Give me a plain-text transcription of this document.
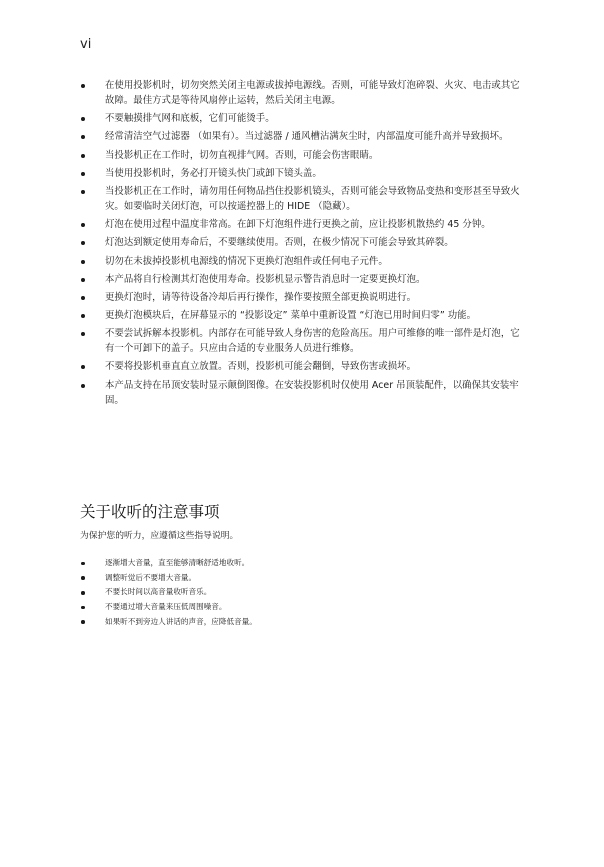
vi
在使用投影机时，切勿突然关闭主电源或拔掉电源线。否则，可能导致灯泡碎裂、火灾、电击或其它故障。最佳方式是等待风扇停止运转，然后关闭主电源。
不要触摸排气网和底板，它们可能烫手。
经常清洁空气过滤器 （如果有）。当过滤器 / 通风槽沾满灰尘时，内部温度可能升高并导致损坏。
当投影机正在工作时，切勿直视排气网。否则，可能会伤害眼睛。
当使用投影机时，务必打开镜头快门或卸下镜头盖。
当投影机正在工作时，请勿用任何物品挡住投影机镜头，否则可能会导致物品变热和变形甚至导致火灾。如要临时关闭灯泡，可以按遥控器上的 HIDE （隐藏）。
灯泡在使用过程中温度非常高。在卸下灯泡组件进行更换之前，应让投影机散热约 45 分钟。
灯泡达到额定使用寿命后，不要继续使用。否则，在极少情况下可能会导致其碎裂。
切勿在未拔掉投影机电源线的情况下更换灯泡组件或任何电子元件。
本产品将自行检测其灯泡使用寿命。投影机显示警告消息时一定要更换灯泡。
更换灯泡时，请等待设备冷却后再行操作，操作要按照全部更换说明进行。
更换灯泡模块后，在屏幕显示的 “投影设定” 菜单中重新设置 “灯泡已用时间归零” 功能。
不要尝试拆解本投影机。内部存在可能导致人身伤害的危险高压。用户可维修的唯一部件是灯泡，它有一个可卸下的盖子。只应由合适的专业服务人员进行维修。
不要将投影机垂直直立放置。否则，投影机可能会翻倒，导致伤害或损坏。
本产品支持在吊顶安装时显示颠倒图像。在安装投影机时仅使用 Acer 吊顶装配件，以确保其安装牢固。
关于收听的注意事项

为保护您的听力，应遵循这些指导说明。

逐渐增大音量，直至能够清晰舒适地收听。
调整听觉后不要增大音量。
不要长时间以高音量收听音乐。
不要通过增大音量来压低周围噪音。
如果听不到旁边人讲话的声音，应降低音量。
